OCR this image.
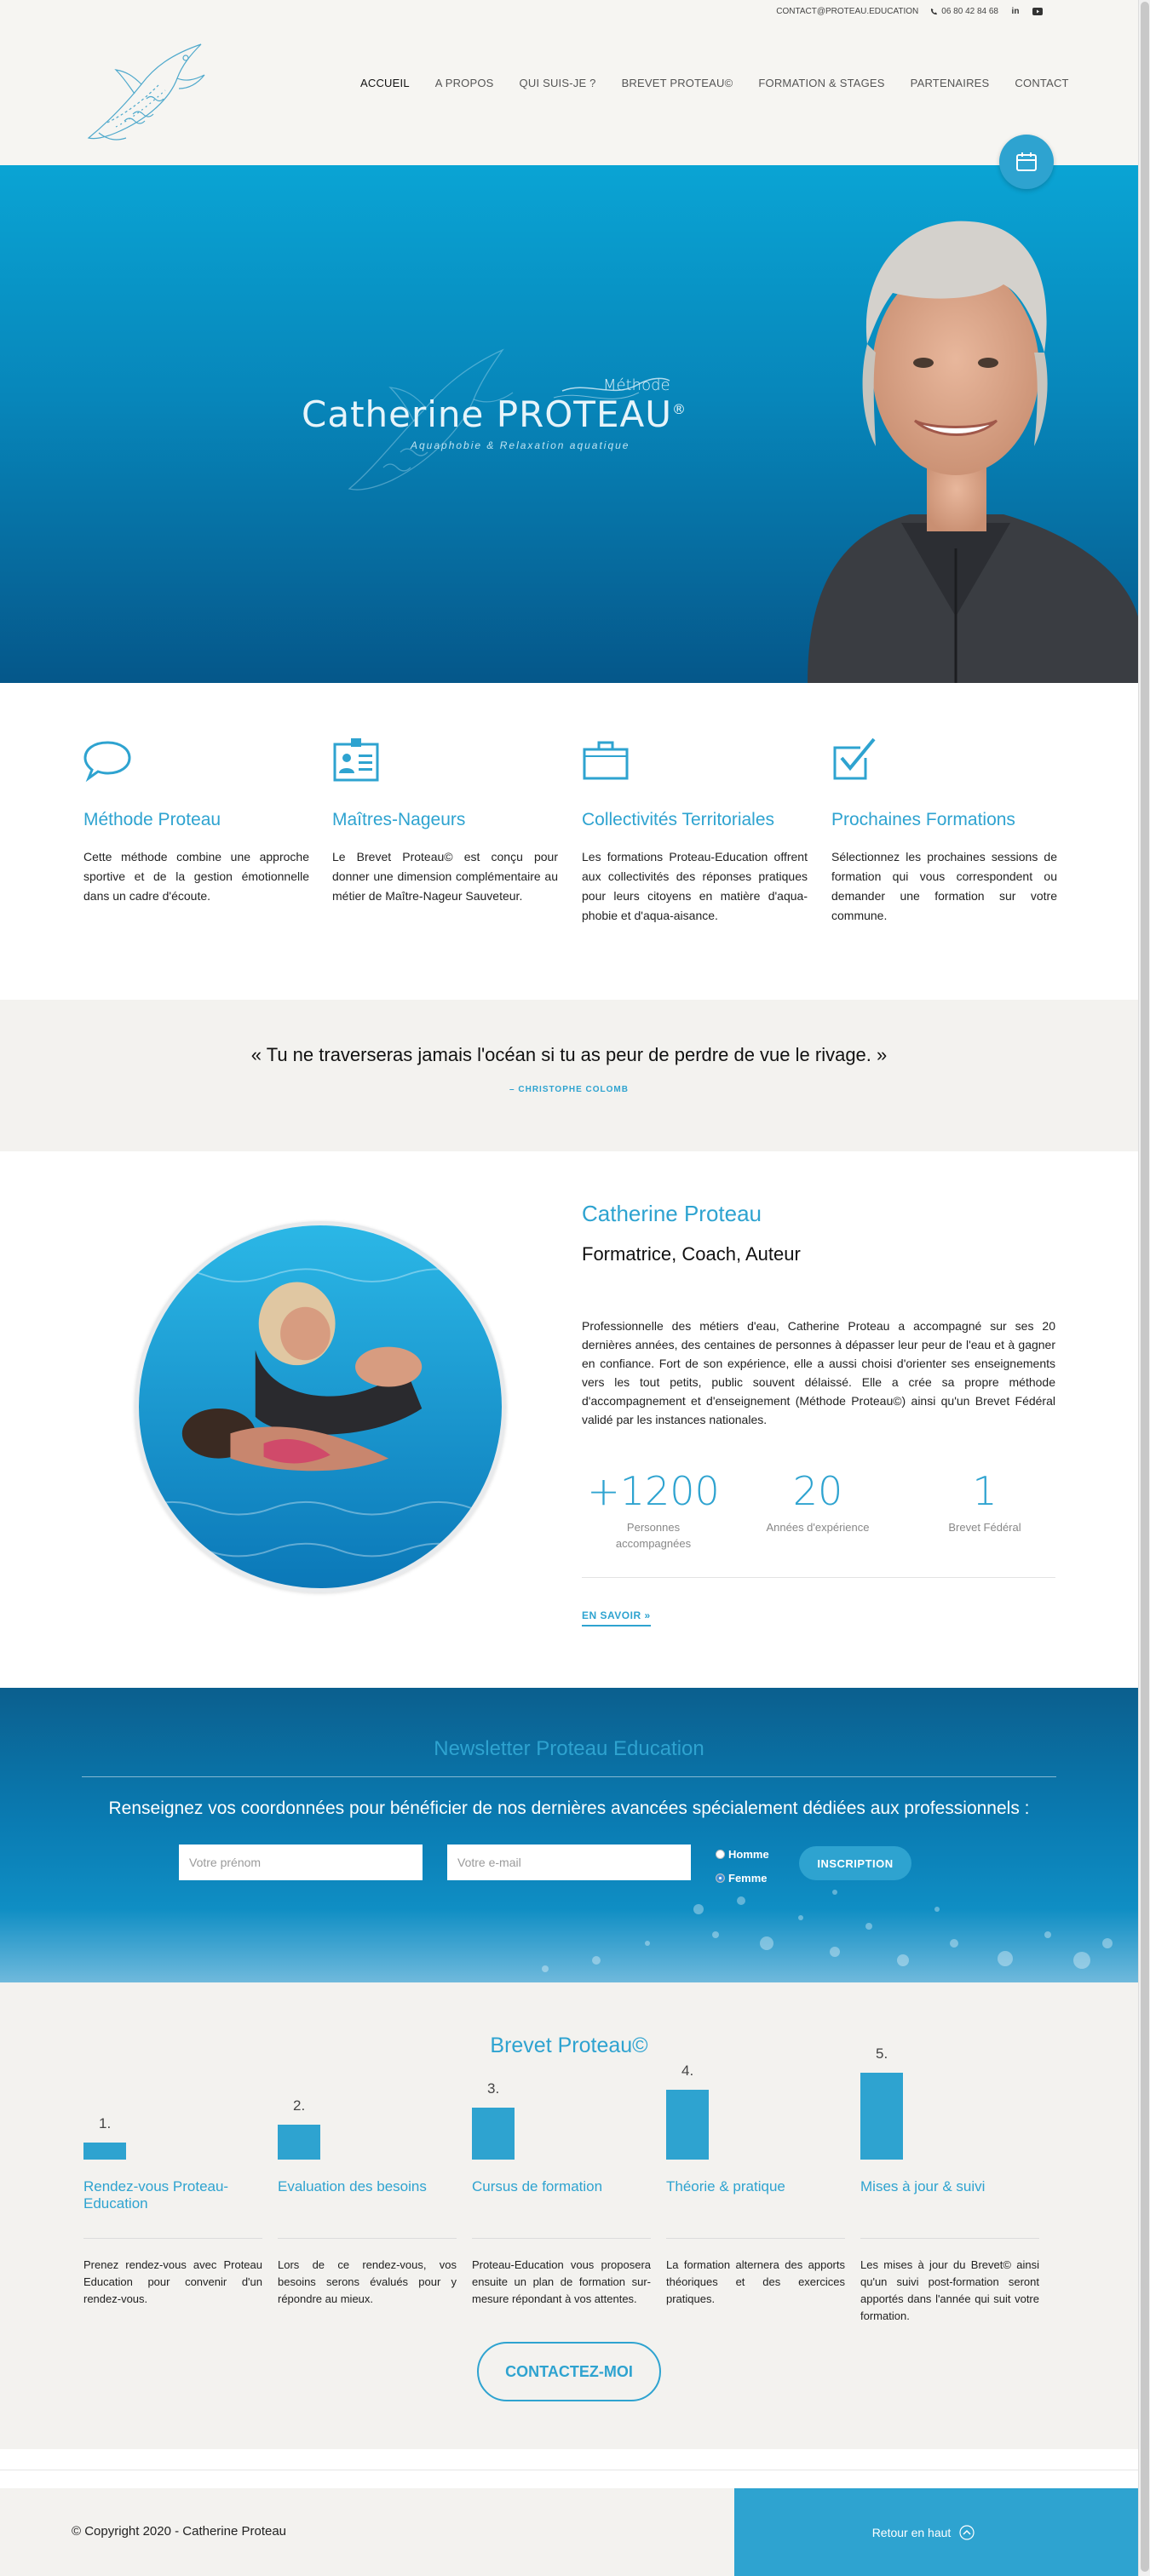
CONTACT@PROTEAU.EDUCATION	06 80 42 84 68 in
ACCUEIL	A PROPOS	QUI SUIS-JE ?	BREVET PROTEAU©	FORMATION & STAGES	PARTENAIRES	CONTACT
Méthode
Catherine PROTEAU®
Aquaphobie & Relaxation aquatique
Méthode Proteau

Cette méthode combine une approche sportive et de la gestion émotionnelle dans un cadre d'écoute.

Maîtres-Nageurs

Le Brevet Proteau© est conçu pour donner une dimension complémentaire au métier de Maître-Nageur Sauveteur.

Collectivités Territoriales

Les formations Proteau-Education offrent aux collectivités des réponses pratiques pour leurs citoyens en matière d'aqua-phobie et d'aqua-aisance.

Prochaines Formations

Sélectionnez les prochaines sessions de formation qui vous correspondent ou demander une formation sur votre commune.

« Tu ne traverseras jamais l'océan si tu as peur de perdre de vue le rivage. »
– CHRISTOPHE COLOMB
Catherine Proteau
Formatrice, Coach, Auteur

Professionnelle des métiers d'eau, Catherine Proteau a accompagné sur ses 20 dernières années, des centaines de personnes à dépasser leur peur de l'eau et à gagner en confiance. Fort de son expérience, elle a aussi choisi d'orienter ses enseignements vers les tout petits, public souvent délaissé. Elle a crée sa propre méthode d'accompagnement et d'enseignement (Méthode Proteau©) ainsi qu'un Brevet Fédéral validé par les instances nationales.

+1200
Personnes accompagnées
20
Années d'expérience
1
Brevet Fédéral
EN SAVOIR »
Newsletter Proteau Education
Renseignez vos coordonnées pour bénéficier de nos dernières avancées spécialement dédiées aux professionnels :
Votre prénom
Votre e-mail
Homme
Femme
INSCRIPTION
Brevet Proteau©
1.
Rendez-vous Proteau-Education
Prenez rendez-vous avec Proteau Education pour convenir d'un rendez-vous.
2.
Evaluation des besoins
Lors de ce rendez-vous, vos besoins serons évalués pour y répondre au mieux.
3.
Cursus de formation
Proteau-Education vous proposera ensuite un plan de formation sur-mesure répondant à vos attentes.
4.
Théorie & pratique
La formation alternera des apports théoriques et des exercices pratiques.
5.
Mises à jour & suivi
Les mises à jour du Brevet© ainsi qu'un suivi post-formation seront apportés dans l'année qui suit votre formation.
CONTACTEZ-MOI
© Copyright 2020 - Catherine Proteau	Retour en haut
